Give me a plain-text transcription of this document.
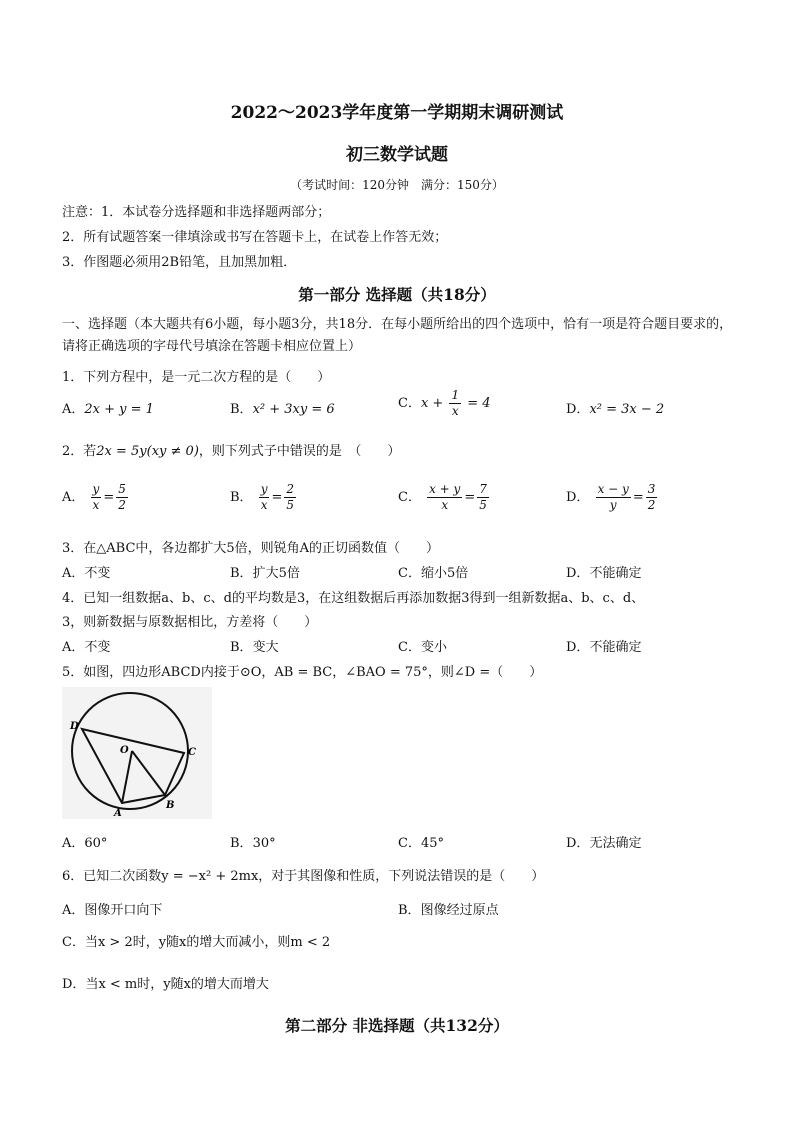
2022～2023学年度第一学期期末调研测试
初三数学试题
（考试时间：120分钟　满分：150分）
注意：1．本试卷分选择题和非选择题两部分；
2．所有试题答案一律填涂或书写在答题卡上，在试卷上作答无效；
3．作图题必须用2B铅笔，且加黑加粗．
第一部分 选择题（共18分）
一、选择题（本大题共有6小题，每小题3分，共18分．在每小题所给出的四个选项中，恰有一项是符合题目要求的，请将正确选项的字母代号填涂在答题卡相应位置上）
1．下列方程中，是一元二次方程的是（　　）
A．2x + y = 1	B．x² + 3xy = 6	C．$x + \frac{1}{x} = 4$	D．x² = 3x − 2
2．若2x = 5y(xy ≠ 0)，则下列式子中错误的是　（　　）
A． $\frac{y}{x} = \frac{5}{2}$	B． $\frac{y}{x} = \frac{2}{5}$	C． $\frac{x + y}{x} = \frac{7}{5}$	D． $\frac{x - y}{y} = \frac{3}{2}$
3．在△ABC中，各边都扩大5倍，则锐角A的正切函数值（　　）
A．不变	B．扩大5倍	C．缩小5倍	D．不能确定
4．已知一组数据a、b、c、d的平均数是3，在这组数据后再添加数据3得到一组新数据a、b、c、d、
3，则新数据与原数据相比，方差将（　　）
A．不变	B．变大	C．变小	D．不能确定
5．如图，四边形ABCD内接于⊙O，AB = BC，∠BAO = 75°，则∠D =（　　）
D
O	C
A
B
A．60°	B．30°	C．45°	D．无法确定
6．已知二次函数y = −x² + 2mx，对于其图像和性质，下列说法错误的是（　　）
A．图像开口向下	B．图像经过原点
C．当x > 2时，y随x的增大而减小，则m < 2
D．当x < m时，y随x的增大而增大
第二部分 非选择题（共132分）
